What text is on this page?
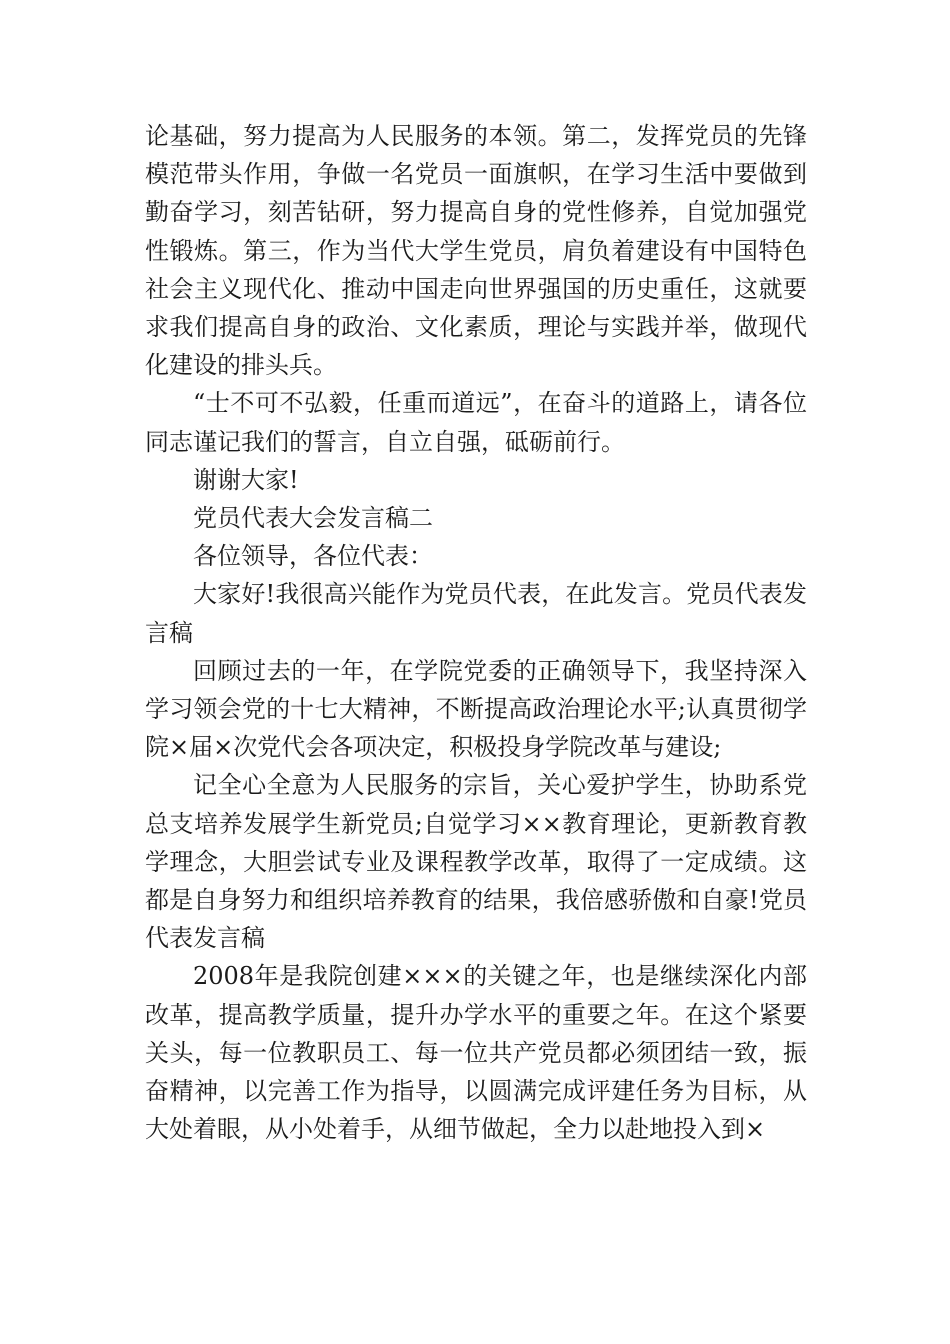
论基础，努力提高为人民服务的本领。第二，发挥党员的先锋模范带头作用，争做一名党员一面旗帜，在学习生活中要做到勤奋学习，刻苦钻研，努力提高自身的党性修养，自觉加强党性锻炼。第三，作为当代大学生党员，肩负着建设有中国特色社会主义现代化、推动中国走向世界强国的历史重任，这就要求我们提高自身的政治、文化素质，理论与实践并举，做现代化建设的排头兵。

“士不可不弘毅，任重而道远”，在奋斗的道路上，请各位同志谨记我们的誓言，自立自强，砥砺前行。

谢谢大家!

党员代表大会发言稿二

各位领导，各位代表：

大家好!我很高兴能作为党员代表，在此发言。党员代表发言稿

回顾过去的一年，在学院党委的正确领导下，我坚持深入学习领会党的十七大精神，不断提高政治理论水平;认真贯彻学院×届×次党代会各项决定，积极投身学院改革与建设;

记全心全意为人民服务的宗旨，关心爱护学生，协助系党总支培养发展学生新党员;自觉学习××教育理论，更新教育教学理念，大胆尝试专业及课程教学改革，取得了一定成绩。这都是自身努力和组织培养教育的结果，我倍感骄傲和自豪!党员代表发言稿

2008年是我院创建×××的关键之年，也是继续深化内部改革，提高教学质量，提升办学水平的重要之年。在这个紧要关头，每一位教职员工、每一位共产党员都必须团结一致，振奋精神，以完善工作为指导，以圆满完成评建任务为目标，从大处着眼，从小处着手，从细节做起，全力以赴地投入到×
